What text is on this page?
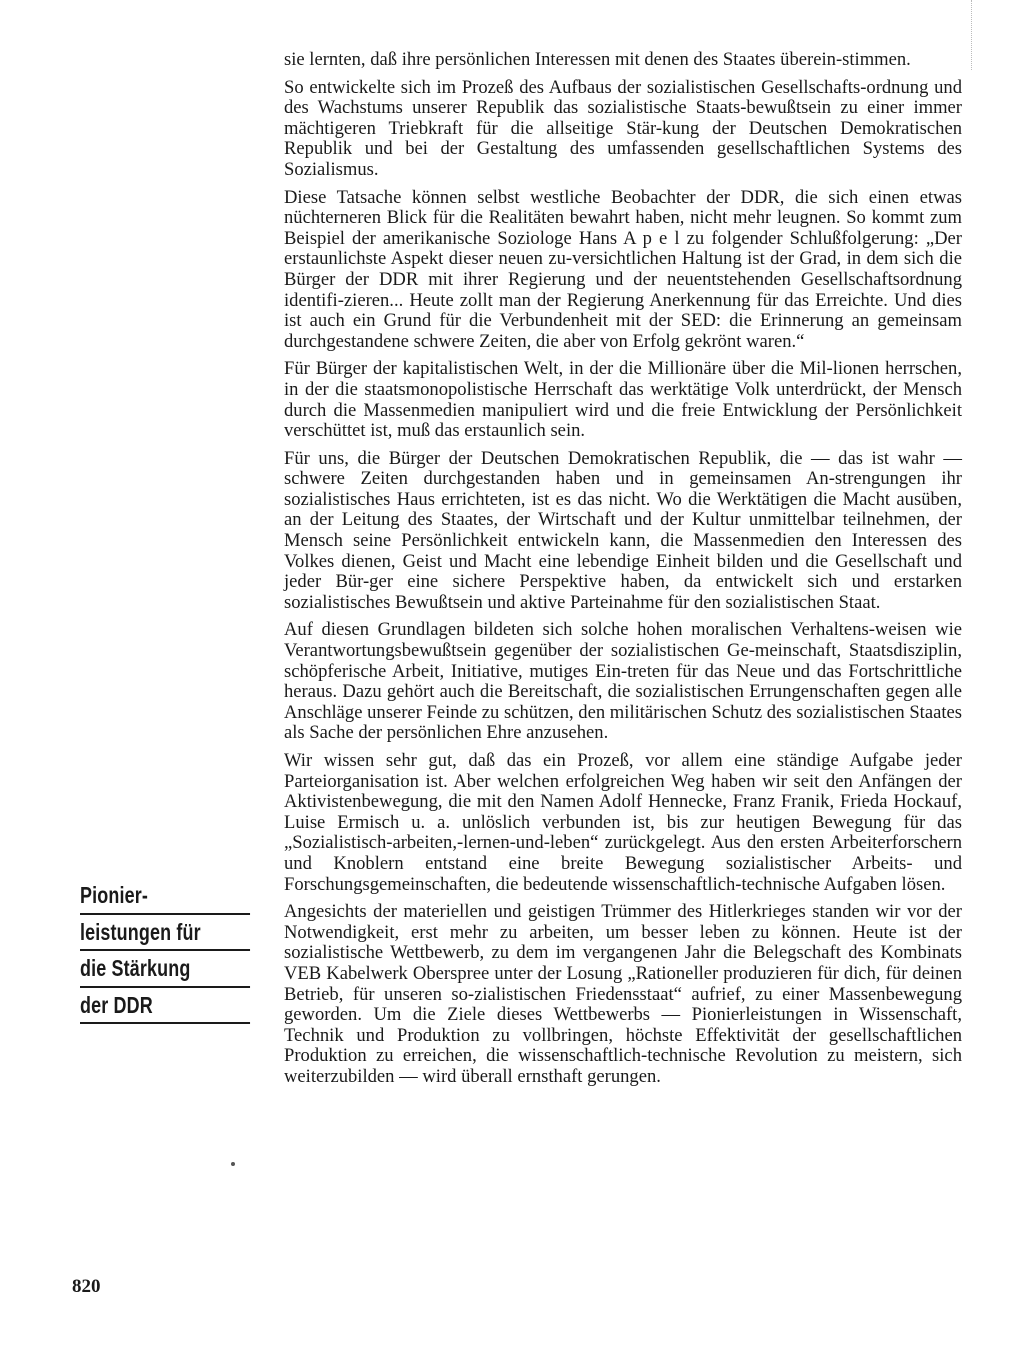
sie lernten, daß ihre persönlichen Interessen mit denen des Staates überein-stimmen.

So entwickelte sich im Prozeß des Aufbaus der sozialistischen Gesellschafts-ordnung und des Wachstums unserer Republik das sozialistische Staats-bewußtsein zu einer immer mächtigeren Triebkraft für die allseitige Stär-kung der Deutschen Demokratischen Republik und bei der Gestaltung des umfassenden gesellschaftlichen Systems des Sozialismus.

Diese Tatsache können selbst westliche Beobachter der DDR, die sich einen etwas nüchterneren Blick für die Realitäten bewahrt haben, nicht mehr leugnen. So kommt zum Beispiel der amerikanische Soziologe Hans A p e l zu folgender Schlußfolgerung: „Der erstaunlichste Aspekt dieser neuen zu-versichtlichen Haltung ist der Grad, in dem sich die Bürger der DDR mit ihrer Regierung und der neuentstehenden Gesellschaftsordnung identifi-zieren... Heute zollt man der Regierung Anerkennung für das Erreichte. Und dies ist auch ein Grund für die Verbundenheit mit der SED: die Erinnerung an gemeinsam durchgestandene schwere Zeiten, die aber von Erfolg gekrönt waren.“

Für Bürger der kapitalistischen Welt, in der die Millionäre über die Mil-lionen herrschen, in der die staatsmonopolistische Herrschaft das werktätige Volk unterdrückt, der Mensch durch die Massenmedien manipuliert wird und die freie Entwicklung der Persönlichkeit verschüttet ist, muß das erstaunlich sein.

Für uns, die Bürger der Deutschen Demokratischen Republik, die — das ist wahr — schwere Zeiten durchgestanden haben und in gemeinsamen An-strengungen ihr sozialistisches Haus errichteten, ist es das nicht. Wo die Werktätigen die Macht ausüben, an der Leitung des Staates, der Wirtschaft und der Kultur unmittelbar teilnehmen, der Mensch seine Persönlichkeit entwickeln kann, die Massenmedien den Interessen des Volkes dienen, Geist und Macht eine lebendige Einheit bilden und die Gesellschaft und jeder Bür-ger eine sichere Perspektive haben, da entwickelt sich und erstarken sozialistisches Bewußtsein und aktive Parteinahme für den sozialistischen Staat.

Auf diesen Grundlagen bildeten sich solche hohen moralischen Verhaltens-weisen wie Verantwortungsbewußtsein gegenüber der sozialistischen Ge-meinschaft, Staatsdisziplin, schöpferische Arbeit, Initiative, mutiges Ein-treten für das Neue und das Fortschrittliche heraus. Dazu gehört auch die Bereitschaft, die sozialistischen Errungenschaften gegen alle Anschläge unserer Feinde zu schützen, den militärischen Schutz des sozialistischen Staates als Sache der persönlichen Ehre anzusehen.

Wir wissen sehr gut, daß das ein Prozeß, vor allem eine ständige Aufgabe jeder Parteiorganisation ist. Aber welchen erfolgreichen Weg haben wir seit den Anfängen der Aktivistenbewegung, die mit den Namen Adolf Hennecke, Franz Franik, Frieda Hockauf, Luise Ermisch u. a. unlöslich verbunden ist, bis zur heutigen Bewegung für das „Sozialistisch-arbeiten,-lernen-und-leben“ zurückgelegt. Aus den ersten Arbeiterforschern und Knoblern entstand eine breite Bewegung sozialistischer Arbeits- und Forschungsgemeinschaften, die bedeutende wissenschaftlich-technische Aufgaben lösen.

Angesichts der materiellen und geistigen Trümmer des Hitlerkrieges standen wir vor der Notwendigkeit, erst mehr zu arbeiten, um besser leben zu können. Heute ist der sozialistische Wettbewerb, zu dem im vergangenen Jahr die Belegschaft des Kombinats VEB Kabelwerk Oberspree unter der Losung „Rationeller produzieren für dich, für deinen Betrieb, für unseren so-zialistischen Friedensstaat“ aufrief, zu einer Massenbewegung geworden. Um die Ziele dieses Wettbewerbs — Pionierleistungen in Wissenschaft, Technik und Produktion zu vollbringen, höchste Effektivität der gesellschaftlichen Produktion zu erreichen, die wissenschaftlich-technische Revolution zu meistern, sich weiterzubilden — wird überall ernsthaft gerungen.

Pionier-
leistungen für
die Stärkung
der DDR
820
